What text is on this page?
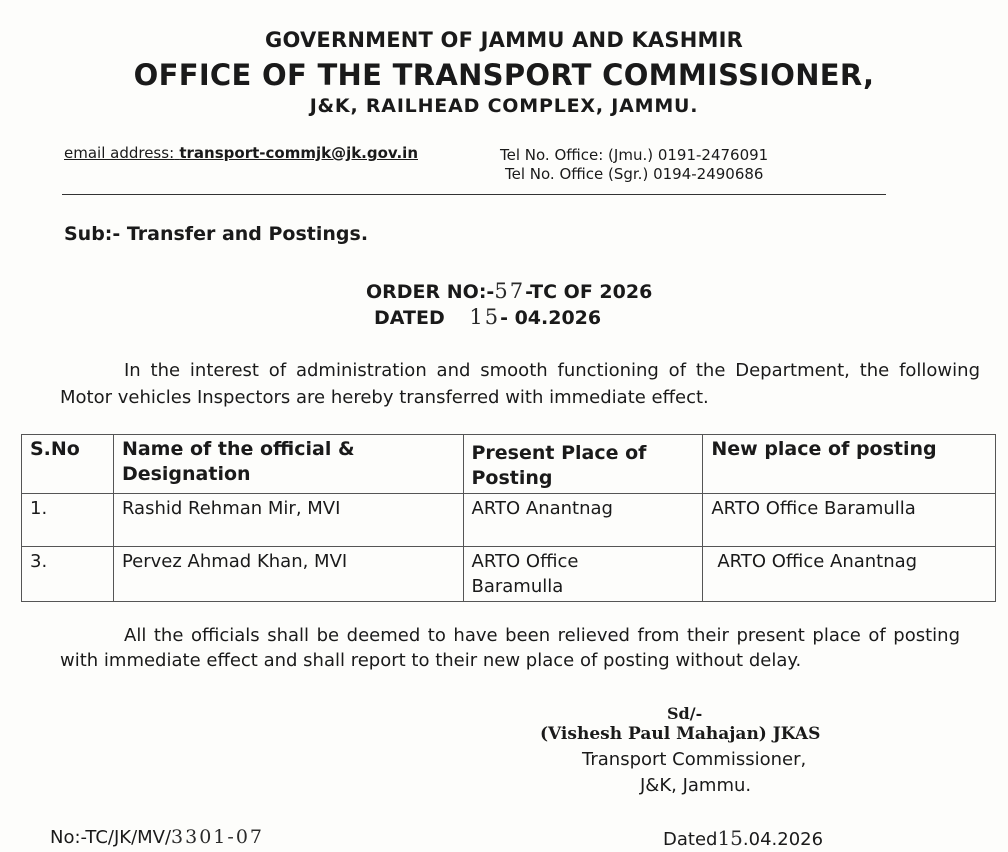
GOVERNMENT OF JAMMU AND KASHMIR
OFFICE OF THE TRANSPORT COMMISSIONER,
J&K, RAILHEAD COMPLEX, JAMMU.
email address: transport-commjk@jk.gov.in	Tel No. Office: (Jmu.) 0191-2476091
Tel No. Office (Sgr.) 0194-2490686
Sub:- Transfer and Postings.
ORDER NO:-57-TC OF 2026
DATED 15- 04.2026
In the interest of administration and smooth functioning of the Department, the following Motor vehicles Inspectors are hereby transferred with immediate effect.
S.No	Name of the official & Designation	Present Place of Posting	New place of posting
1.	Rashid Rehman Mir, MVI	ARTO Anantnag	ARTO Office Baramulla
3.	Pervez Ahmad Khan, MVI	ARTO Office Baramulla	ARTO Office Anantnag
All the officials shall be deemed to have been relieved from their present place of posting with immediate effect and shall report to their new place of posting without delay.
Sd/-
(Vishesh Paul Mahajan) JKAS
Transport Commissioner,
J&K, Jammu.
No:-TC/JK/MV/3301-07	Dated15.04.2026
